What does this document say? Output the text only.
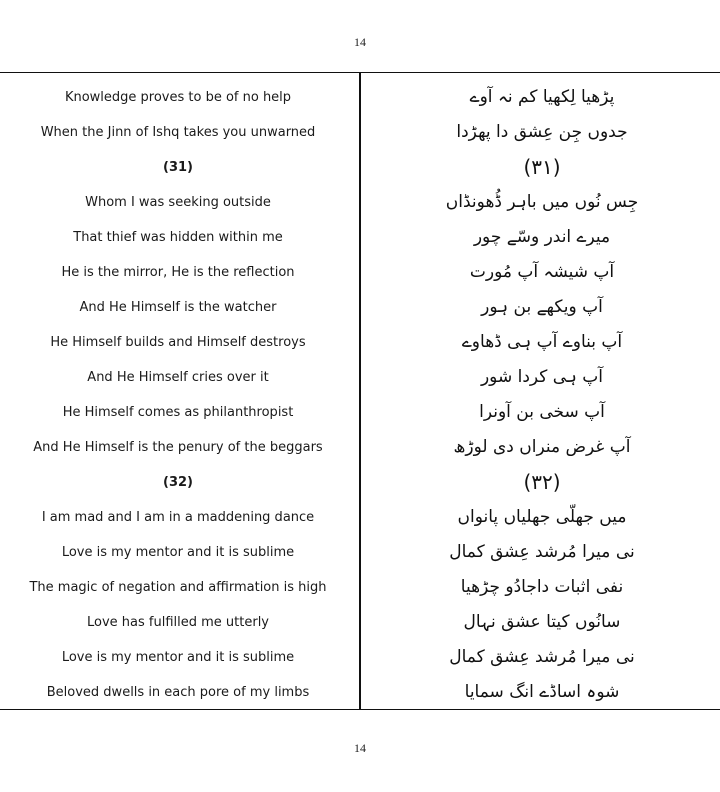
14
Knowledge proves to be of no help	پڑھیا لِکھیا کم نہ آوے
When the Jinn of Ishq takes you unwarned	جدوں جِن عِشق دا پھڑدا
(31)	(۳۱)
Whom I was seeking outside	جِس نُوں میں باہر ڈُھونڈاں
That thief was hidden within me	میرے اندر وسّے چور
He is the mirror, He is the reflection	آپ شیشہ آپ مُورت
And He Himself is the watcher	آپ ویکھے بن ہور
He Himself builds and Himself destroys	آپ بناوے آپ ہی ڈھاوے
And He Himself cries over it	آپ ہی کردا شور
He Himself comes as philanthropist	آپ سخی بن آونرا
And He Himself is the penury of the beggars	آپ غرض منراں دی لوڑھ
(32)	(۳۲)
I am mad and I am in a maddening dance	میں جھلّی جھلیاں پانواں
Love is my mentor and it is sublime	نی میرا مُرشد عِشق کمال
The magic of negation and affirmation is high	نفی اثبات داجادُو چڑھیا
Love has fulfilled me utterly	سانُوں کیتا عشق نہال
Love is my mentor and it is sublime	نی میرا مُرشد عِشق کمال
Beloved dwells in each pore of my limbs	شوہ اساڈے انگ سمایا
14
